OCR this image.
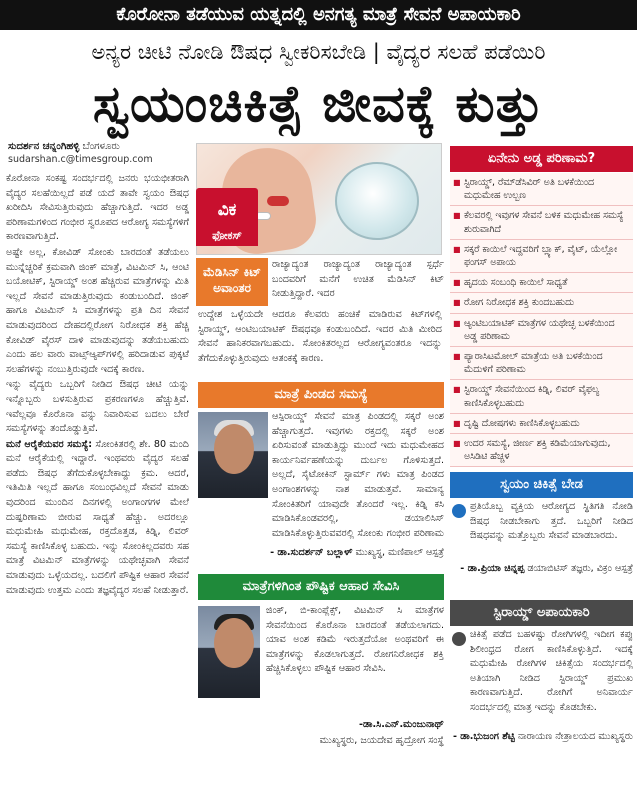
ಕೊರೋನಾ ತಡೆಯುವ ಯತ್ನದಲ್ಲಿ ಅನಗತ್ಯ ಮಾತ್ರೆ ಸೇವನೆ ಅಪಾಯಕಾರಿ
ಅನ್ಯರ ಚೀಟಿ ನೋಡಿ ಔಷಧ ಸ್ವೀಕರಿಸಬೇಡಿ | ವೈದ್ಯರ ಸಲಹೆ ಪಡೆಯಿರಿ
ಸ್ವಯಂಚಿಕಿತ್ಸೆ ಜೀವಕ್ಕೆ ಕುತ್ತು
ಸುದರ್ಶನ ಚನ್ನಂಗಿಹಳ್ಳಿ ಬೆಂಗಳೂರು
sudarshan.c@timesgroup.com

ಕೊರೋನಾ ಸಂಕಷ್ಟ ಸಂದರ್ಭದಲ್ಲಿ ಜನರು ಭಯಭೀತರಾಗಿ ವೈದ್ಯರ ಸಲಹೆಯಿಲ್ಲದೆ ಪಡೆ ಯದೆ ತಾವೇ ಸ್ವಯಂ ಔಷಧ ಖರೀದಿಸಿ ಸೇವಿಸುತ್ತಿರುವುದು ಹೆಚ್ಚಾಗುತ್ತಿದೆ. ಇದರ ಅಡ್ಡ ಪರಿಣಾಮಗಳಿಂದ ಗಂಭೀರ ಸ್ವರೂಪದ ಆರೋಗ್ಯ ಸಮಸ್ಯೆಗಳಿಗೆ ಕಾರಣವಾಗುತ್ತಿದೆ.

ಅಷ್ಟೇ ಅಲ್ಲ, ಕೋವಿಡ್ ಸೋಂಕು ಬಾರದಂತೆ ತಡೆಯಲು ಮುನ್ನೆಚ್ಚರಿಕೆ ಕ್ರಮವಾಗಿ ಜಿಂಕ್ ಮಾತ್ರೆ, ವಿಟಮಿನ್ ಸಿ, ಆಂಟಿ ಬಯೋಟಿಕ್, ಸ್ಟಿರಾಯ್ಡ್ ಅಂಶ ಹೆಚ್ಚಿರುವ ಮಾತ್ರೆಗಳನ್ನು ಮಿತಿ ಇಲ್ಲದೆ ಸೇವನೆ ಮಾಡುತ್ತಿರುವುದು ಕಂಡುಬಂದಿದೆ. ಜಿಂಕ್ ಹಾಗೂ ವಿಟಮಿನ್ ಸಿ ಮಾತ್ರೆಗಳನ್ನು ಪ್ರತಿ ದಿನ ಸೇವನೆ ಮಾಡುವುದರಿಂದ ದೇಹದಲ್ಲಿರೋಗ ನಿರೋಧಕ ಶಕ್ತಿ ಹೆಚ್ಚಿ ಕೋವಿಡ್ ವೈರಸ್ ದಾಳಿ ಮಾಡುವುದನ್ನು ತಡೆಯಬಹುದು ಎಂದು ಹಲ ವಾರು ವಾಟ್ಸ್‌ಆ್ಯಪ್‌ಗಳಲ್ಲಿ ಹರಿದಾಡುವ ಪುಕ್ಕಟೆ ಸಲಹೆಗಳನ್ನು ನಂಬುತ್ತಿರುವುದೇ ಇದಕ್ಕೆ ಕಾರಣ.

ಇನ್ನು ವೈದ್ಯರು ಒಬ್ಬರಿಗೆ ನೀಡಿದ ಔಷಧ ಚೀಟಿ ಯನ್ನು ಇನ್ನೊಬ್ಬರು ಬಳಸುತ್ತಿರುವ ಪ್ರಕರಣಗಳೂ ಹೆಚ್ಚುತ್ತಿವೆ. ಇವೆಲ್ಲವೂ ಕೊರೊನಾ ವನ್ನು ನಿವಾರಿಸುವ ಬದಲು ಬೇರೆ ಸಮಸ್ಯೆಗಳನ್ನು ತಂದೊಡ್ಡುತ್ತಿವೆ.

ಮನೆ ಆರೈಕೆಯವರ ಸಮಸ್ಯೆ: ಸೋಂಕಿತರಲ್ಲಿ ಶೇ. 80 ಮಂದಿ ಮನೆ ಆರೈಕೆಯಲ್ಲಿ ಇದ್ದಾರೆ. ಇಂಥವರು ವೈದ್ಯರ ಸಲಹೆ ಪಡೆದು ಔಷಧ ತೆಗೆದುಕೊಳ್ಳಬೇಕಾದ್ದು ಕ್ರಮ. ಆದರೆ, ಇತಿಮಿತಿ ಇಲ್ಲದೆ ಹಾಗೂ ಸಂಬಂಧವಿಲ್ಲದೆ ಸೇವನೆ ಮಾಡು ವುದರಿಂದ ಮುಂದಿನ ದಿನಗಳಲ್ಲಿ ಅಂಗಾಂಗಗಳ ಮೇಲೆ ದುಷ್ಪರಿಣಾಮ ಬೀರುವ ಸಾಧ್ಯತೆ ಹೆಚ್ಚು. ಅದರಲ್ಲೂ ಮಧುಮೇಹಿ ಮಧುಮೇಹ, ರಕ್ತದೊತ್ತಡ, ಕಿಡ್ನಿ, ಲಿವರ್ ಸಮಸ್ಯೆ ಕಾಣಿಸಿಕೊಳ್ಳ ಬಹುದು. ಇನ್ನು ಸೋಂಕಿಲ್ಲದವರು ಸಹ ಮಾತ್ರೆ ವಿಟಮಿನ್ ಮಾತ್ರೆಗಳನ್ನು ಯಥೇಚ್ಛವಾಗಿ ಸೇವನೆ ಮಾಡುವುದು ಒಳ್ಳೆಯದಲ್ಲ. ಬದಲಿಗೆ ಪೌಷ್ಟಿಕ ಆಹಾರ ಸೇವನೆ ಮಾಡುವುದು ಉತ್ತಮ ಎಂದು ತಜ್ಞವೈದ್ಯರ ಸಲಹೆ ನೀಡುತ್ತಾರೆ.

ವಿಕ
ಫೋಕಸ್
ಮೆಡಿಸಿನ್ ಕಿಟ್ ಅವಾಂತರ
ರಾಜ್ಯಾದ್ಯಂತ ರಾಜ್ಯಾದ್ಯಂತ ರಾಜ್ಯಾದ್ಯಂತ ಸ್ಪರ್ಧೆ ಬಂದವರಿಗೆ ಮನೆಗೆ ಉಚಿತ ಮೆಡಿಸಿನ್ ಕಿಟ್ ನೀಡುತ್ತಿದ್ದಾರೆ. ಇದರ
ಉದ್ದೇಶ ಒಳ್ಳೆಯದೇ ಆದರೂ ಕೆಲವರು ಹಂಚಿಕೆ ಮಾಡಿರುವ ಕಿಟ್‌ಗಳಲ್ಲಿ ಸ್ಟಿರಾಯ್ಡ್, ಆಂಟಿಬಯಾಟಿಕ್ ಔಷಧವೂ ಕಂಡುಬಂದಿದೆ. ಇದರ ಮಿತಿ ಮೀರಿದ ಸೇವನೆ ಹಾನಿಕರವಾಗಬಹುದು. ಸೋಂಕಿತರಲ್ಲದ ಆರೋಗ್ಯವಂತರೂ ಇದನ್ನು ತೆಗೆದುಕೊಳ್ಳುತ್ತಿರುವುದು ಆತಂಕಕ್ಕೆ ಕಾರಣ.
ಮಾತ್ರೆ ಪಿಂಡದ ಸಮಸ್ಯೆ
ಆಸ್ಪಿರಾಯ್ಡ್ ಸೇವನೆ ಮಾತ್ರ ಪಿಂಡದಲ್ಲಿ ಸಕ್ಕರೆ ಅಂಶ ಹೆಚ್ಚಾಗುತ್ತದೆ. ಇವುಗಳು ರಕ್ತದಲ್ಲಿ ಸಕ್ಕರೆ ಅಂಶ ಏರಿಸುವಂತೆ ಮಾಡುತ್ತಿದ್ದು ಮುಂದೆ ಇದು ಮಧುಮೇಹದ ಕಾರ್ಯನಿರ್ವಹಣೆಯನ್ನು ದುರ್ಬಲ ಗೊಳಿಸುತ್ತದೆ. ಅಲ್ಲದೆ, ಸೈಟೋಕಿನ್ ಸ್ಟಾರ್ಮ್ ಗಳು ಮಾತ್ರ ಪಿಂಡದ ಅಂಗಾಂಶಗಳನ್ನು ನಾಶ ಮಾಡುತ್ತವೆ. ಸಾಮಾನ್ಯ ಸೋಂಕಿತರಿಗೆ ಯಾವುದೇ ತೊಂದರೆ ಇಲ್ಲ. ಕಿಡ್ನಿ ಕಸಿ ಮಾಡಿಸಿಕೊಂಡವರಲ್ಲಿ, ಡಯಾಲಿಸಿಸ್ ಮಾಡಿಸಿಕೊಳ್ಳುತ್ತಿರುವವರಲ್ಲಿ ಸೋಂಕು ಗಂಭೀರ ಪರಿಣಾಮ
- ಡಾ.ಸುದರ್ಶನ್ ಬಲ್ಲಾಳ್ ಮುಖ್ಯಸ್ಥ, ಮಣಿಪಾಲ್ ಆಸ್ಪತ್ರೆ
ಮಾತ್ರೆಗಳಿಗಿಂತ ಪೌಷ್ಟಿಕ ಆಹಾರ ಸೇವಿಸಿ
ಜಿಂಕ್, ಬಿ-ಕಾಂಪ್ಲೆಕ್ಸ್, ವಿಟಮಿನ್ ಸಿ ಮಾತ್ರೆಗಳ ಸೇವನೆಯಿಂದ ಕೊರೊನಾ ಬಾರದಂತೆ ತಡೆಯಲಾಗದು. ಯಾವ ಅಂಶ ಕಡಿಮೆ ಇರುತ್ತದೆಯೋ ಅಂಥವರಿಗೆ ಈ ಮಾತ್ರೆಗಳನ್ನು ಕೊಡಲಾಗುತ್ತದೆ. ರೋಗನಿರೋಧಕ ಶಕ್ತಿ ಹೆಚ್ಚಿಸಿಕೊಳ್ಳಲು ಪೌಷ್ಟಿಕ ಆಹಾರ ಸೇವಿಸಿ.
-ಡಾ.ಸಿ.ಎನ್.ಮಂಜುನಾಥ್
ಮುಖ್ಯಸ್ಥರು, ಜಯದೇವ ಹೃದ್ರೋಗ ಸಂಸ್ಥೆ
ಏನೇನು ಅಡ್ಡ ಪರಿಣಾಮ?
■ ಸ್ಟಿರಾಯ್ಡ್, ರೆಮ್‌ಡೆಸಿವಿರ್ ಅತಿ ಬಳಕೆಯಿಂದ ಮಧುಮೇಹ ಉಲ್ಬಣ
■ ಕೆಲವರಲ್ಲಿ ಇವುಗಳ ಸೇವನೆ ಬಳಿಕ ಮಧುಮೇಹ ಸಮಸ್ಯೆ ಶುರುವಾಗಿದೆ
■ ಸಕ್ಕರೆ ಕಾಯಿಲೆ ಇದ್ದವರಿಗೆ ಬ್ಲ್ಯಾಕ್, ವೈಟ್, ಯೆಲ್ಲೋ ಫಂಗಸ್ ಅಪಾಯ
■ ಹೃದಯ ಸಂಬಂಧಿ ಕಾಯಿಲೆ ಸಾಧ್ಯತೆ
■ ರೋಗ ನಿರೋಧಕ ಶಕ್ತಿ ಕುಂದಬಹುದು
■ ಆ್ಯಂಟಿಬಯಾಟಿಕ್ ಮಾತ್ರೆಗಳ ಯಥೇಚ್ಛ ಬಳಕೆಯಿಂದ ಅಡ್ಡ ಪರಿಣಾಮ
■ ಪ್ಯಾರಾಸಿಟಮೋಲ್ ಮಾತ್ರೆಯ ಅತಿ ಬಳಕೆಯಿಂದ ಮೆದುಳಿಗೆ ಪರಿಣಾಮ
■ ಸ್ಟಿರಾಯ್ಡ್ ಸೇವನೆಯಿಂದ ಕಿಡ್ನಿ, ಲಿವರ್ ವೈಫಲ್ಯ ಕಾಣಿಸಿಕೊಳ್ಳಬಹುದು
■ ದೃಷ್ಟಿ ದೋಷಗಳು ಕಾಣಿಸಿಕೊಳ್ಳಬಹುದು
■ ಉದರ ಸಮಸ್ಯೆ, ಜೀರ್ಣ ಶಕ್ತಿ ಕಡಿಮೆಯಾಗುವುದು, ಅಸಿಡಿಟಿ ಹೆಚ್ಚಳ
ಸ್ವಯಂ ಚಿಕಿತ್ಸೆ ಬೇಡ
ಪ್ರತಿಯೊಬ್ಬ ವ್ಯಕ್ತಿಯ ಆರೋಗ್ಯದ ಸ್ಥಿತಿಗತಿ ನೋಡಿ ಔಷಧ ನೀಡಬೇಕಾಗು ತ್ತದೆ. ಒಬ್ಬರಿಗೆ ನೀಡಿದ ಔಷಧವನ್ನು ಮತ್ತೊಬ್ಬರು ಸೇವನೆ ಮಾಡಬಾರದು.
- ಡಾ.ಪ್ರಿಯಾ ಚಿನ್ನಪ್ಪ ಡಯಾಬಿಟಿಸ್ ತಜ್ಞರು, ವಿಕ್ರಂ ಆಸ್ಪತ್ರೆ
ಸ್ಟಿರಾಯ್ಡ್ ಅಪಾಯಕಾರಿ
ಚಿಕಿತ್ಸೆ ಪಡೆದ ಬಹಳಷ್ಟು ರೋಗಿಗಳಲ್ಲಿ ಇದೀಗ ಕಪ್ಪು ಶಿಲೀಂಧ್ರದ ರೋಗ ಕಾಣಿಸಿಕೊಳ್ಳುತ್ತಿದೆ. ಇದಕ್ಕೆ ಮಧುಮೇಹಿ ರೋಗಿಗಳ ಚಿಕಿತ್ಸೆಯ ಸಂದರ್ಭದಲ್ಲಿ ಅತಿಯಾಗಿ ನೀಡಿದ ಸ್ಟಿರಾಯ್ಡ್ ಪ್ರಮುಖ ಕಾರಣವಾಗುತ್ತಿದೆ. ರೋಗಿಗೆ ಅನಿವಾರ್ಯ ಸಂದರ್ಭದಲ್ಲಿ ಮಾತ್ರ ಇದನ್ನು ಕೊಡಬೇಕು.
- ಡಾ.ಭುಜಂಗ ಶೆಟ್ಟಿ ನಾರಾಯಣ ನೇತ್ರಾಲಯದ ಮುಖ್ಯಸ್ಥರು
